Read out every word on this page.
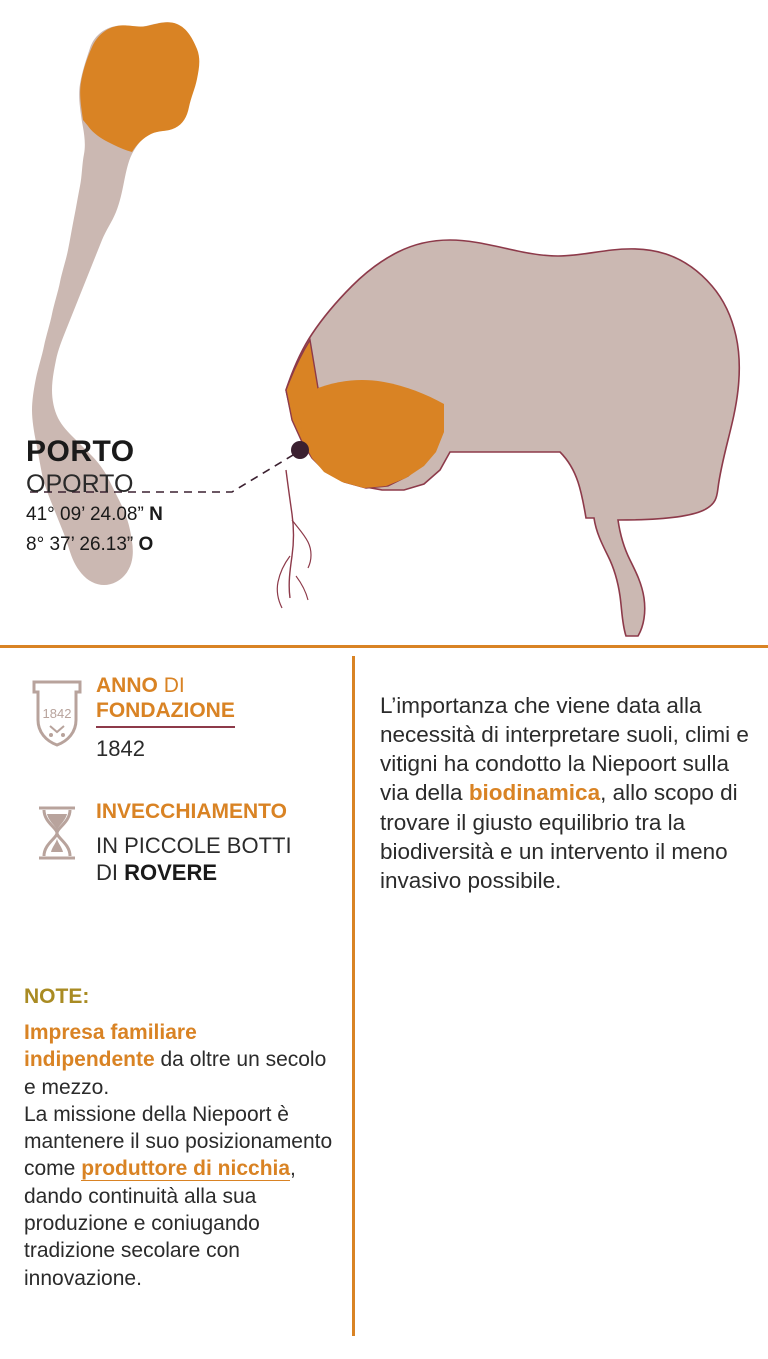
PORTO
OPORTO
41° 09’ 24.08” N
8° 37’ 26.13” O
1842
ANNO DI
FONDAZIONE
1842
INVECCHIAMENTO
IN PICCOLE BOTTI
DI ROVERE
NOTE:
Impresa familiare
indipendente da oltre un secolo e mezzo.
La missione della Niepoort è mantenere il suo posizionamento come produttore di nicchia, dando continuità alla sua produzione e coniugando tradizione secolare con innovazione.

L’importanza che viene data alla necessità di interpretare suoli, climi e vitigni ha condotto la Niepoort sulla via della biodinamica, allo scopo di trovare il giusto equilibrio tra la biodiversità e un intervento il meno invasivo possibile.
